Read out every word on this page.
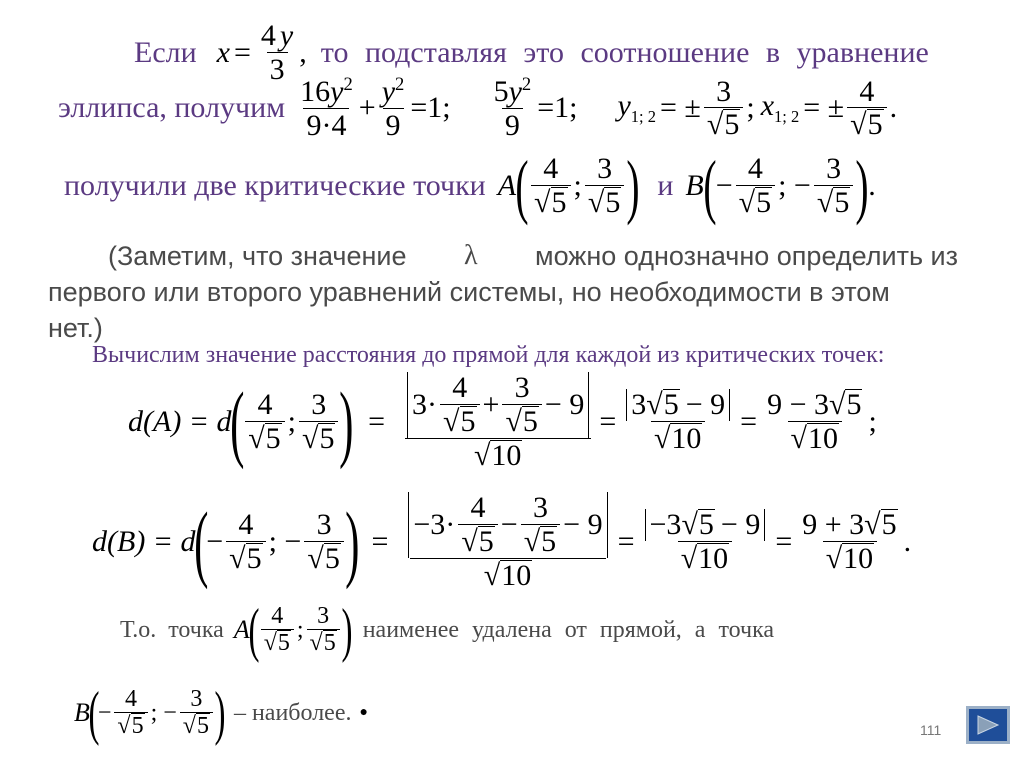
Если $x = \frac{4 y}{3}$ , то подставляя это соотношение в уравнение
эллипса, получим $\frac{16y^2}{9\cdot 4} + \frac{y^2}{9} =1$; $\frac{5y^2}{9} =1$; $y_{1; 2}$ = ± $\frac{3}{√ 5}$ ; $x_{1; 2}$ = ± $\frac{4}{√ 5}$ .
получили две критические точки A ( $\frac{4}{√ 5}$ ; $\frac{3}{√ 5}$ ) и B ( − $\frac{4}{√ 5}$ ; − $\frac{3}{√ 5}$ ) .
(Заметим, что значение λ можно однозначно определить из
первого или второго уравнений системы, но необходимости в этом
нет.)
Вычислим значение расстояния до прямой для каждой из критических точек:
d(A) = d
( $\frac{4}{√ 5}$ ; $\frac{3}{√ 5}$ ) = $\frac{3\cdot \frac{4}{√ 5} + \frac{3}{√ 5} - 9}{√ 10} = \frac{3 √ 5 - 9}{√ 10} = \frac{9 - 3 √ 5}{√ 10}$ ;
d(B) = d
(
− $\frac{4}{√ 5}$ ; − $\frac{3}{√ 5}$ ) = $\frac{-3\cdot \frac{4}{√ 5} - \frac{3}{√ 5} - 9}{√ 10} = \frac{-3 √ 5 - 9}{√ 10} = \frac{9 + 3 √ 5}{√ 10}$ .
Т.о. точка A
( $\frac{4}{√ 5}$ ; $\frac{3}{√ 5}$ ) наименее удалена от прямой, а точка
B
(
− $\frac{4}{√ 5}$ ; − $\frac{3}{√ 5}$ ) – наиболее. ●
111
